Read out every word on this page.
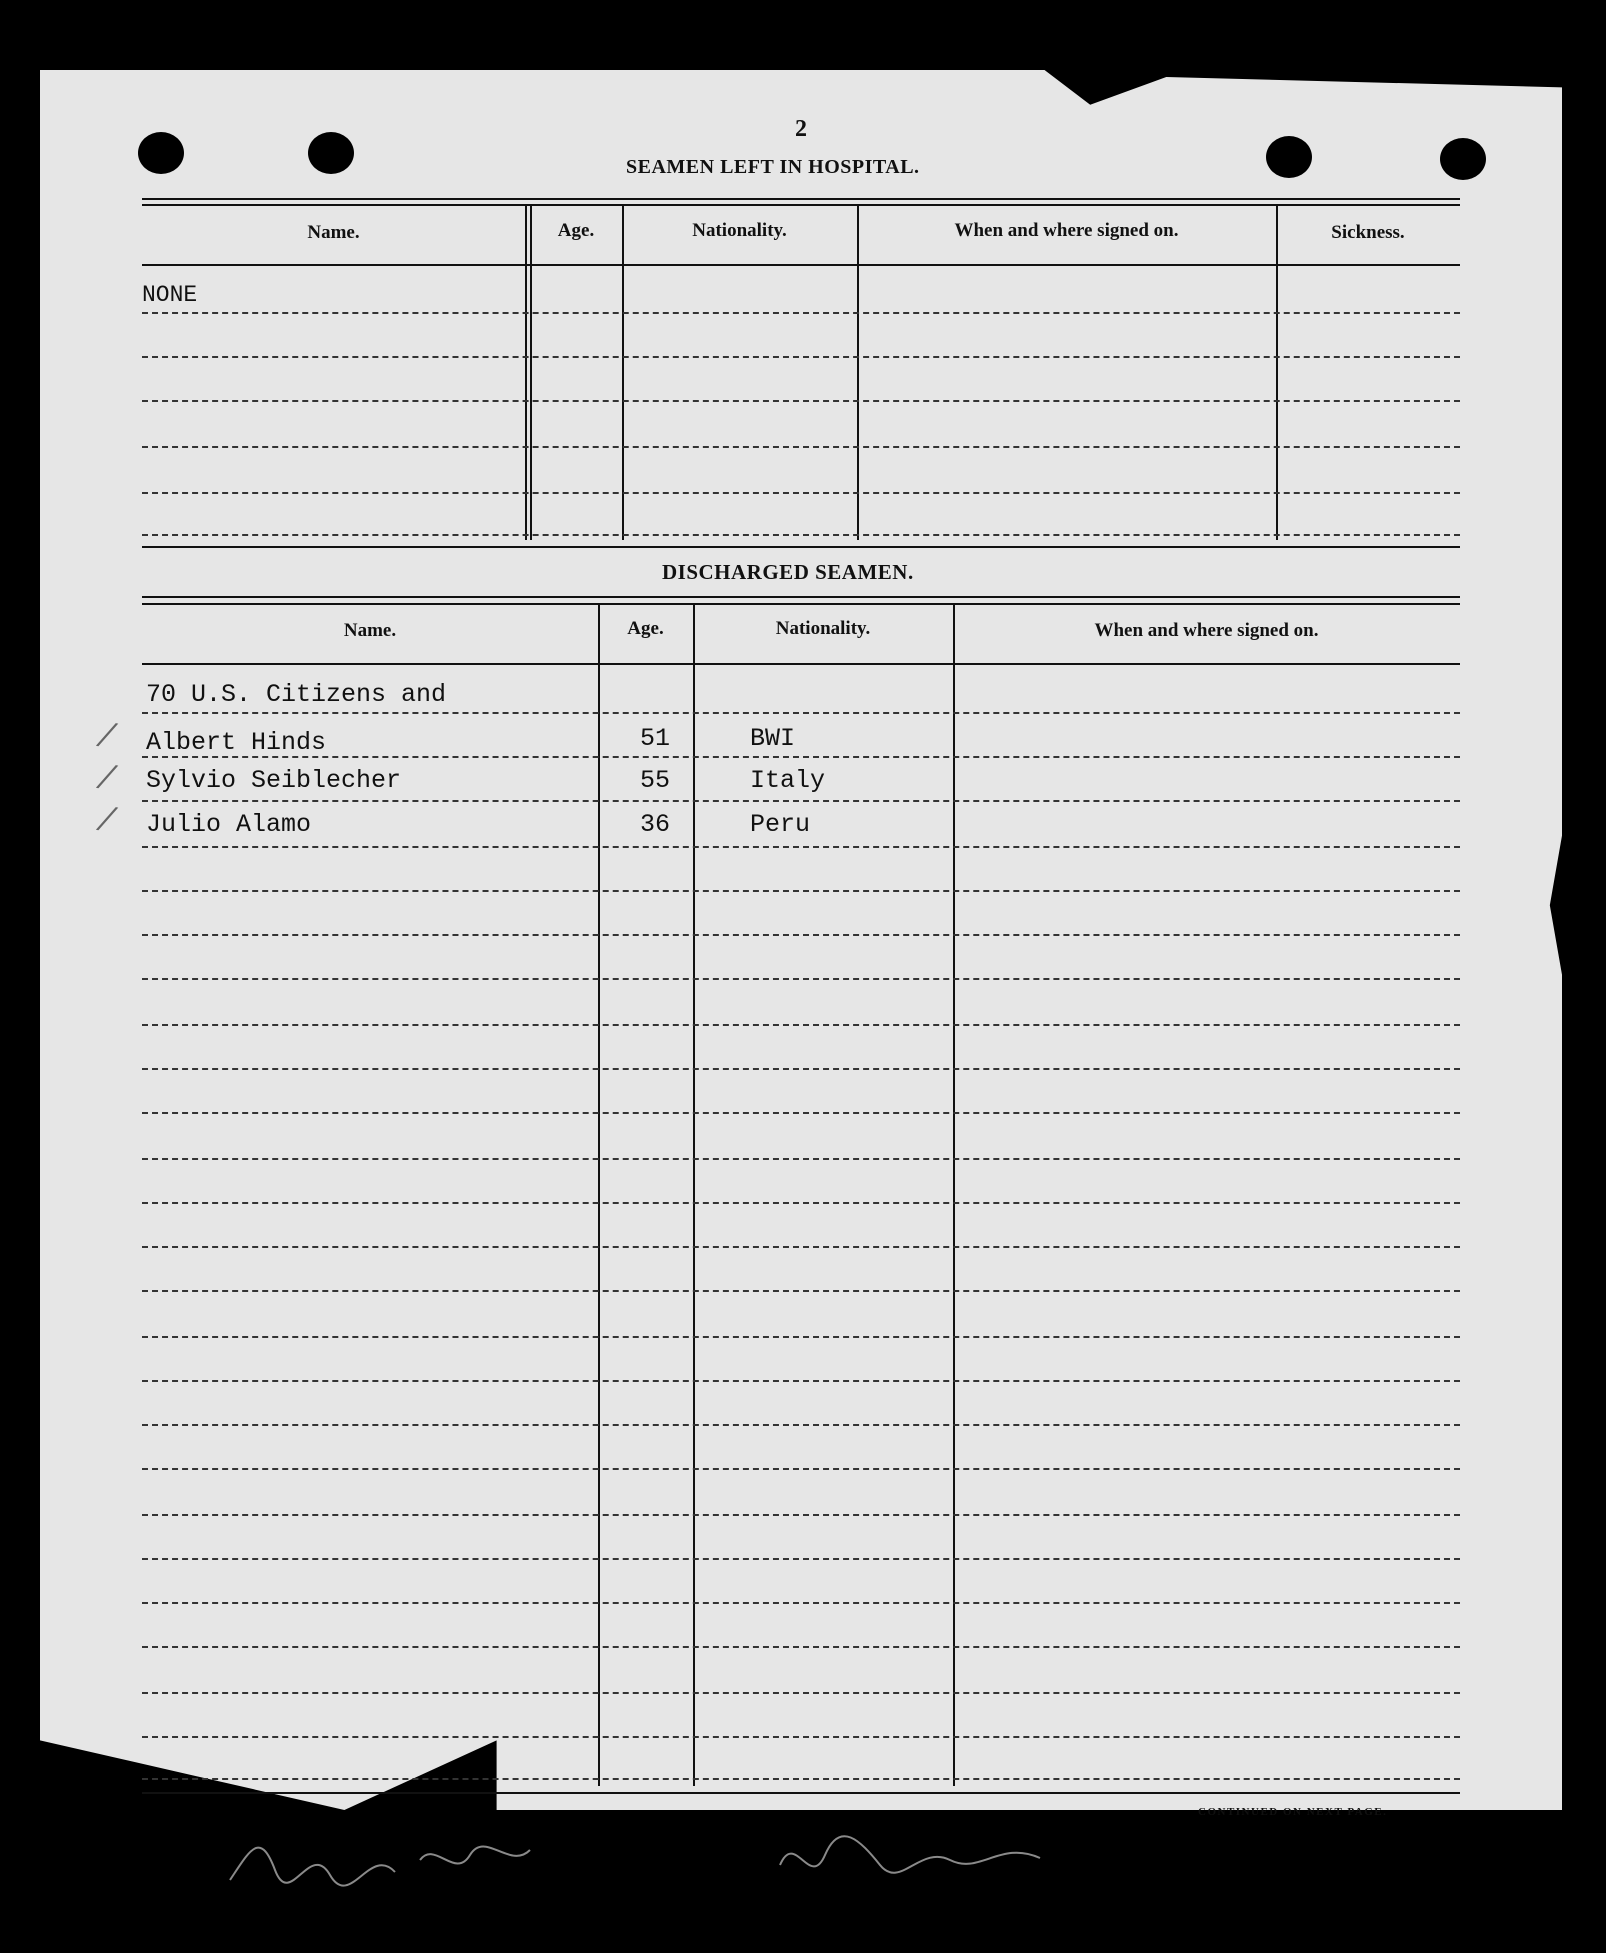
2
SEAMEN LEFT IN HOSPITAL.
Name.	Age.	Nationality.	When and where signed on.	Sickness.
NONE
DISCHARGED SEAMEN.
Name.	Age.	Nationality.	When and where signed on.
70 U.S. Citizens and
Albert Hinds	51	BWI
Sylvio Seiblecher	55	Italy
Julio Alamo	36	Peru
⁄
⁄
⁄
CONTINUED ON NEXT PAGE.
